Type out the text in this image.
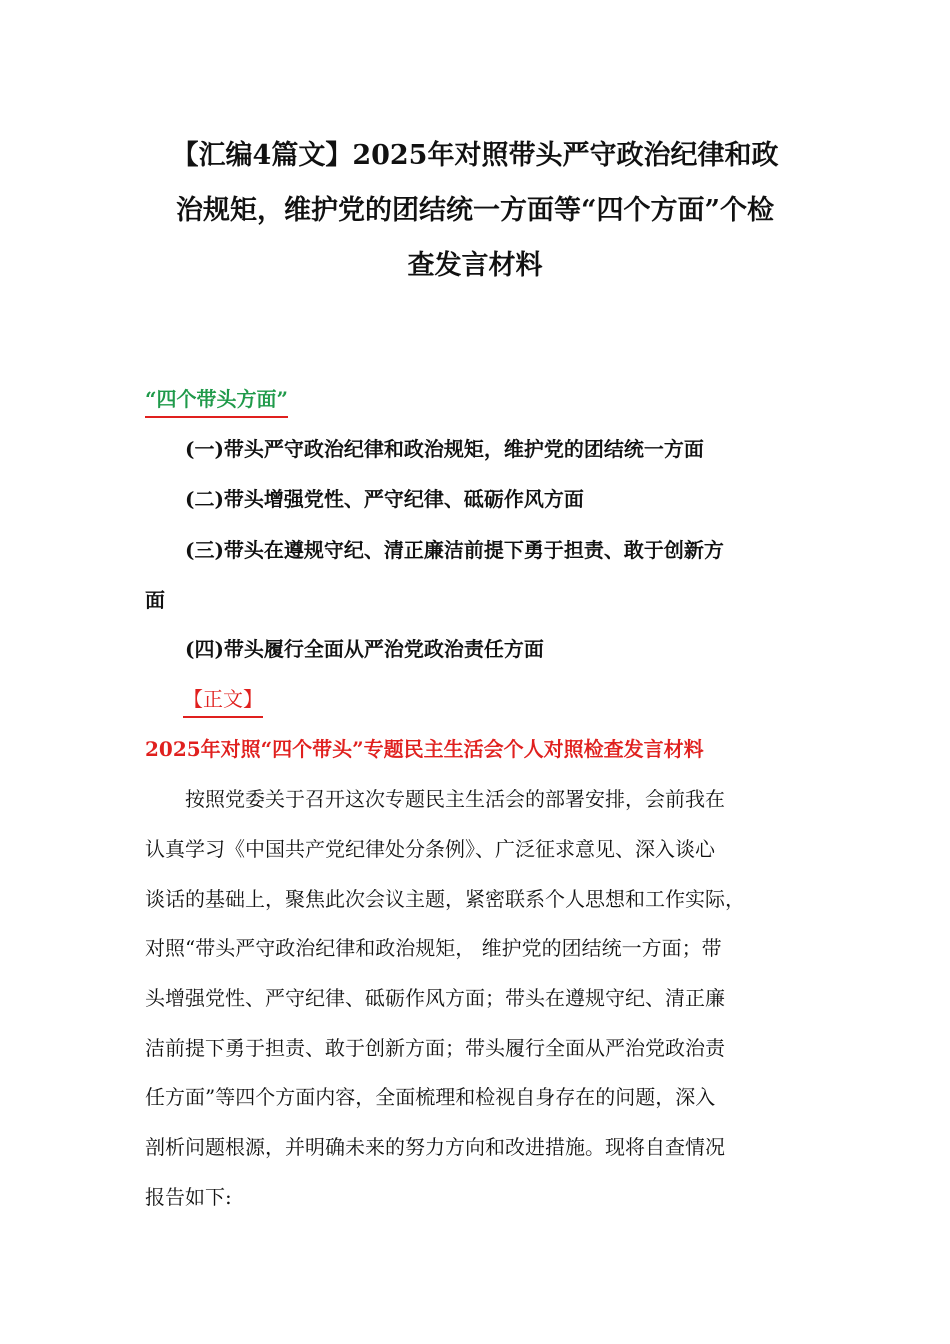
【汇编4篇文】2025年对照带头严守政治纪律和政
治规矩，维护党的团结统一方面等“四个方面”个检
查发言材料
“四个带头方面”
(一)带头严守政治纪律和政治规矩，维护党的团结统一方面
(二)带头增强党性、严守纪律、砥砺作风方面
(三)带头在遵规守纪、清正廉洁前提下勇于担责、敢于创新方
面
(四)带头履行全面从严治党政治责任方面
【正文】
2025年对照“四个带头”专题民主生活会个人对照检查发言材料
按照党委关于召开这次专题民主生活会的部署安排，会前我在
认真学习《中国共产党纪律处分条例》、广泛征求意见、深入谈心
谈话的基础上，聚焦此次会议主题，紧密联系个人思想和工作实际，
对照“带头严守政治纪律和政治规矩， 维护党的团结统一方面；带
头增强党性、严守纪律、砥砺作风方面；带头在遵规守纪、清正廉
洁前提下勇于担责、敢于创新方面；带头履行全面从严治党政治责
任方面”等四个方面内容，全面梳理和检视自身存在的问题，深入
剖析问题根源，并明确未来的努力方向和改进措施。现将自查情况
报告如下:
